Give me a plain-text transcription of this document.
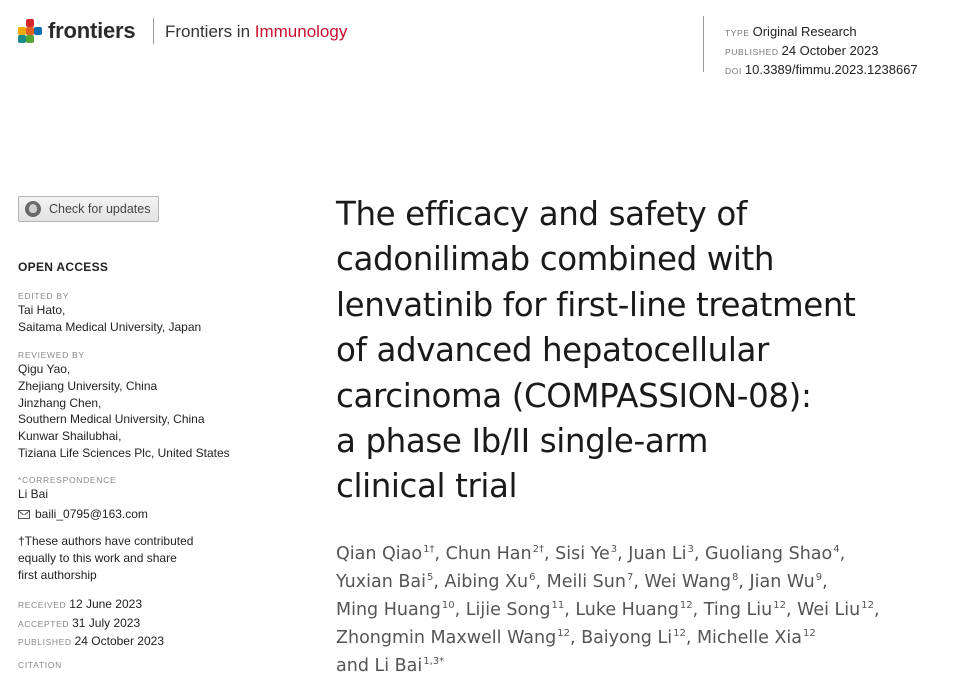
frontiers Frontiers in Immunology	TYPE Original Research
PUBLISHED 24 October 2023
DOI 10.3389/fimmu.2023.1238667
Check for updates
OPEN ACCESS
EDITED BY
Tai Hato,
Saitama Medical University, Japan
REVIEWED BY
Qigu Yao,
Zhejiang University, China
Jinzhang Chen,
Southern Medical University, China
Kunwar Shailubhai,
Tiziana Life Sciences Plc, United States
*CORRESPONDENCE
Li Bai
baili_0795@163.com
†These authors have contributed
equally to this work and share
first authorship
RECEIVED 12 June 2023
ACCEPTED 31 July 2023
PUBLISHED 24 October 2023
CITATION
The efficacy and safety of
cadonilimab combined with
lenvatinib for first-line treatment
of advanced hepatocellular
carcinoma (COMPASSION-08):
a phase Ib/II single-arm
clinical trial
Qian Qiao$^{1\dagger}$, Chun Han$^{2\dagger}$, Sisi Ye$^3$, Juan Li$^3$, Guoliang Shao$^4$,
Yuxian Bai$^5$, Aibing Xu$^6$, Meili Sun$^7$, Wei Wang$^8$, Jian Wu$^9$,
Ming Huang$^{10}$, Lijie Song$^{11}$, Luke Huang$^{12}$, Ting Liu$^{12}$, Wei Liu$^{12}$,
Zhongmin Maxwell Wang$^{12}$, Baiyong Li$^{12}$, Michelle Xia$^{12}$
and Li Bai$^{1,3*}$
